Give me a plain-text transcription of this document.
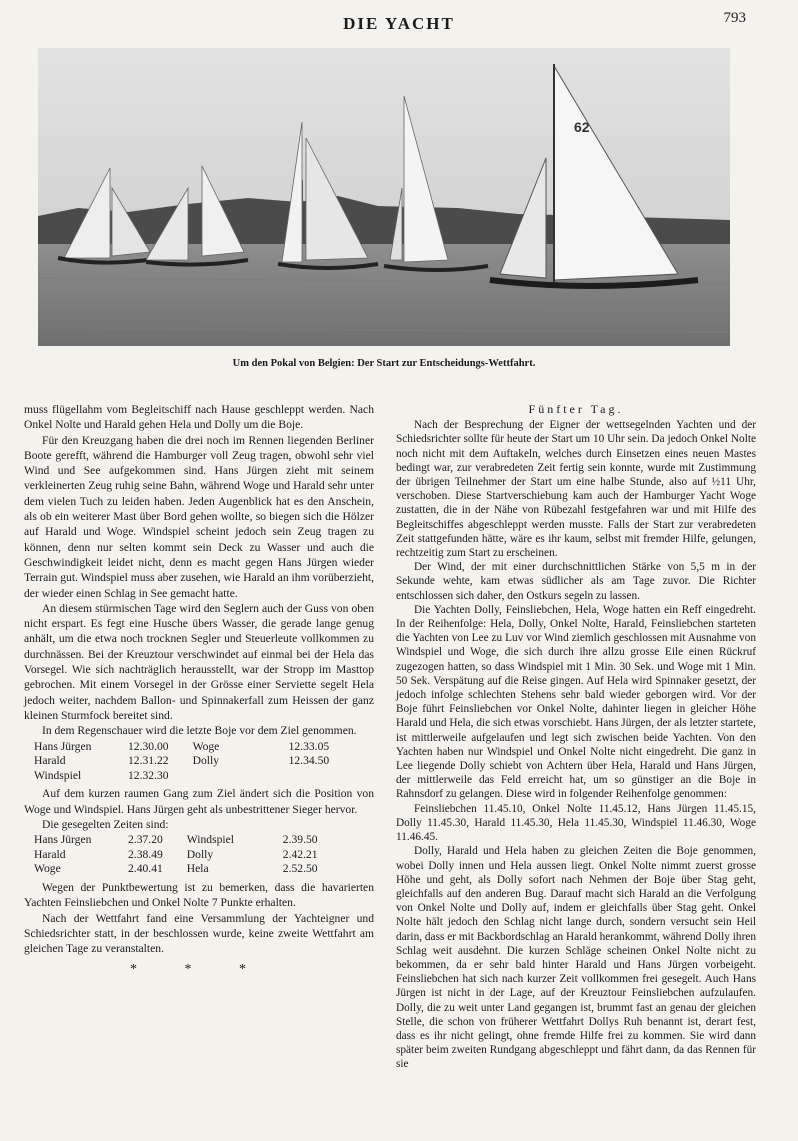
DIE YACHT	793
62
Um den Pokal von Belgien: Der Start zur Entscheidungs-Wettfahrt.

muss flügellahm vom Begleitschiff nach Hause geschleppt werden. Nach Onkel Nolte und Harald gehen Hela und Dolly um die Boje.

Für den Kreuzgang haben die drei noch im Rennen liegenden Berliner Boote gerefft, während die Hamburger voll Zeug tragen, obwohl sehr viel Wind und See aufgekommen sind. Hans Jürgen zieht mit seinem verkleinerten Zeug ruhig seine Bahn, während Woge und Harald sehr unter dem vielen Tuch zu leiden haben. Jeden Augenblick hat es den Anschein, als ob ein weiterer Mast über Bord gehen wollte, so biegen sich die Hölzer auf Harald und Woge. Windspiel scheint jedoch sein Zeug tragen zu können, denn nur selten kommt sein Deck zu Wasser und auch die Geschwindigkeit leidet nicht, denn es macht gegen Hans Jürgen wieder Terrain gut. Windspiel muss aber zusehen, wie Harald an ihm vorüberzieht, der wieder einen Schlag in See gemacht hatte.

An diesem stürmischen Tage wird den Seglern auch der Guss von oben nicht erspart. Es fegt eine Husche übers Wasser, die gerade lange genug anhält, um die etwa noch trocknen Segler und Steuerleute vollkommen zu durchnässen. Bei der Kreuztour verschwindet auf einmal bei der Hela das Vorsegel. Wie sich nachträglich herausstellt, war der Stropp im Masttop gebrochen. Mit einem Vorsegel in der Grösse einer Serviette segelt Hela jedoch weiter, nachdem Ballon- und Spinnakerfall zum Heissen der ganz kleinen Sturmfock bereitet sind.

In dem Regenschauer wird die letzte Boje vor dem Ziel genommen.

Hans Jürgen	12.30.00	Woge	12.33.05
Harald	12.31.22	Dolly	12.34.50
Windspiel	12.32.30		

Auf dem kurzen raumen Gang zum Ziel ändert sich die Position von Woge und Windspiel. Hans Jürgen geht als unbestrittener Sieger hervor.

Die gesegelten Zeiten sind:

Hans Jürgen	2.37.20	Windspiel	2.39.50
Harald	2.38.49	Dolly	2.42.21
Woge	2.40.41	Hela	2.52.50

Wegen der Punktbewertung ist zu bemerken, dass die havarierten Yachten Feinsliebchen und Onkel Nolte 7 Punkte erhalten.

Nach der Wettfahrt fand eine Versammlung der Yachteigner und Schiedsrichter statt, in der beschlossen wurde, keine zweite Wettfahrt am gleichen Tage zu veranstalten.

* * *
Fünfter Tag.

Nach der Besprechung der Eigner der wettsegelnden Yachten und der Schiedsrichter sollte für heute der Start um 10 Uhr sein. Da jedoch Onkel Nolte noch nicht mit dem Auftakeln, welches durch Einsetzen eines neuen Mastes bedingt war, zur verabredeten Zeit fertig sein konnte, wurde mit Zustimmung der übrigen Teilnehmer der Start um eine halbe Stunde, also auf ½11 Uhr, verschoben. Diese Startverschiebung kam auch der Hamburger Yacht Woge zustatten, die in der Nähe von Rübezahl festgefahren war und mit Hilfe des Begleitschiffes abgeschleppt werden musste. Falls der Start zur verabredeten Zeit stattgefunden hätte, wäre es ihr kaum, selbst mit fremder Hilfe, gelungen, rechtzeitig zum Start zu erscheinen.

Der Wind, der mit einer durchschnittlichen Stärke von 5,5 m in der Sekunde wehte, kam etwas südlicher als am Tage zuvor. Die Richter entschlossen sich daher, den Ostkurs segeln zu lassen.

Die Yachten Dolly, Feinsliebchen, Hela, Woge hatten ein Reff eingedreht. In der Reihenfolge: Hela, Dolly, Onkel Nolte, Harald, Feinsliebchen starteten die Yachten von Lee zu Luv vor Wind ziemlich geschlossen mit Ausnahme von Windspiel und Woge, die sich durch ihre allzu grosse Eile einen Rückruf zugezogen hatten, so dass Windspiel mit 1 Min. 30 Sek. und Woge mit 1 Min. 50 Sek. Verspätung auf die Reise gingen. Auf Hela wird Spinnaker gesetzt, der jedoch infolge schlechten Stehens sehr bald wieder geborgen wird. Vor der Boje führt Feinsliebchen vor Onkel Nolte, dahinter liegen in gleicher Höhe Harald und Hela, die sich etwas vorschiebt. Hans Jürgen, der als letzter startete, ist mittlerweile aufgelaufen und legt sich zwischen beide Yachten. Von den Yachten haben nur Windspiel und Onkel Nolte nicht eingedreht. Die ganz in Lee liegende Dolly schiebt von Achtern über Hela, Harald und Hans Jürgen, der mittlerweile das Feld erreicht hat, um so günstiger an die Boje in Rahnsdorf zu gelangen. Diese wird in folgender Reihenfolge genommen:

Feinsliebchen 11.45.10, Onkel Nolte 11.45.12, Hans Jürgen 11.45.15, Dolly 11.45.30, Harald 11.45.30, Hela 11.45.30, Windspiel 11.46.30, Woge 11.46.45.

Dolly, Harald und Hela haben zu gleichen Zeiten die Boje genommen, wobei Dolly innen und Hela aussen liegt. Onkel Nolte nimmt zuerst grosse Höhe und geht, als Dolly sofort nach Nehmen der Boje über Stag geht, gleichfalls auf den anderen Bug. Darauf macht sich Harald an die Verfolgung von Onkel Nolte und Dolly auf, indem er gleichfalls über Stag geht. Onkel Nolte hält jedoch den Schlag nicht lange durch, sondern versucht sein Heil darin, dass er mit Backbordschlag an Harald herankommt, während Dolly ihren Schlag weit ausdehnt. Die kurzen Schläge scheinen Onkel Nolte nicht zu bekommen, da er sehr bald hinter Harald und Hans Jürgen vorbeigeht. Feinsliebchen hat sich nach kurzer Zeit vollkommen frei gesegelt. Auch Hans Jürgen ist nicht in der Lage, auf der Kreuztour Feinsliebchen aufzulaufen. Dolly, die zu weit unter Land gegangen ist, brummt fast an genau der gleichen Stelle, die schon von früherer Wettfahrt Dollys Ruh benannt ist, derart fest, dass es ihr nicht gelingt, ohne fremde Hilfe frei zu kommen. Sie wird dann später beim zweiten Rundgang abgeschleppt und fährt dann, da das Rennen für sie
